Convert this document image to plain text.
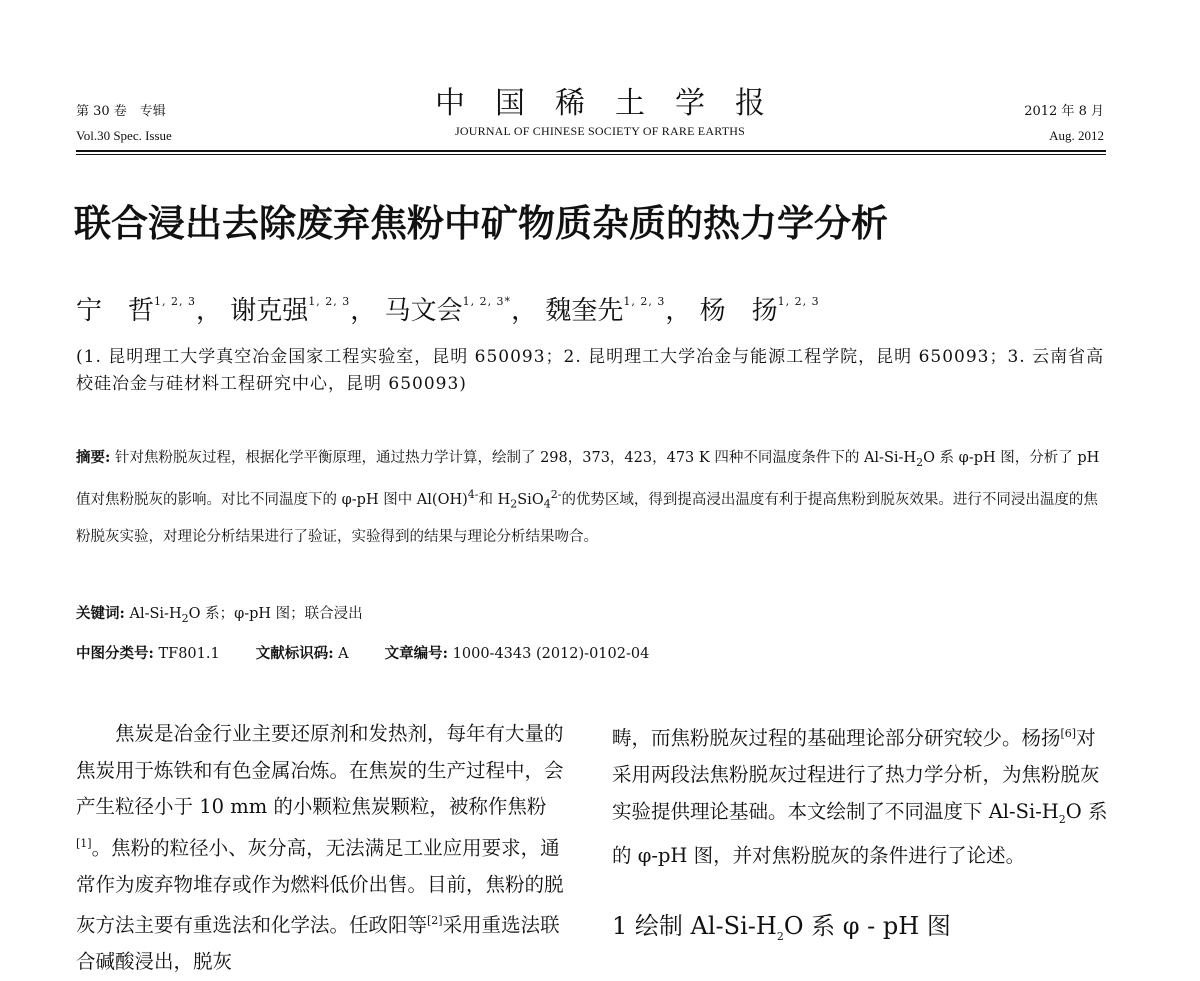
第 30 卷　专辑
Vol.30 Spec. Issue
中国稀土学报
JOURNAL OF CHINESE SOCIETY OF RARE EARTHS
2012 年 8 月
Aug. 2012
联合浸出去除废弃焦粉中矿物质杂质的热力学分析
宁　哲$^{1, 2, 3}$， 谢克强$^{1, 2, 3}$， 马文会$^{1, 2, 3*}$， 魏奎先$^{1, 2, 3}$， 杨　扬$^{1, 2, 3}$
(1. 昆明理工大学真空冶金国家工程实验室，昆明 650093；2. 昆明理工大学冶金与能源工程学院，昆明 650093；3. 云南省高校硅冶金与硅材料工程研究中心，昆明 650093)
摘要: 针对焦粉脱灰过程，根据化学平衡原理，通过热力学计算，绘制了 298，373，423，473 K 四种不同温度条件下的 $Al-Si-H_2O$ 系 φ-pH 图，分析了 pH 值对焦粉脱灰的影响。对比不同温度下的 φ-pH 图中 Al(OH)$^{4-}$和 $H_2SiO_4^{2-}$的优势区域，得到提高浸出温度有利于提高焦粉到脱灰效果。进行不同浸出温度的焦粉脱灰实验，对理论分析结果进行了验证，实验得到的结果与理论分析结果吻合。
关键词: $Al-Si-H_2O$ 系；φ-pH 图；联合浸出
中图分类号: TF801.1 文献标识码: A 文章编号: 1000-4343 (2012)-0102-04
焦炭是冶金行业主要还原剂和发热剂，每年有大量的焦炭用于炼铁和有色金属冶炼。在焦炭的生产过程中，会产生粒径小于 10 mm 的小颗粒焦炭颗粒，被称作焦粉[1]。焦粉的粒径小、灰分高，无法满足工业应用要求，通常作为废弃物堆存或作为燃料低价出售。目前，焦粉的脱灰方法主要有重选法和化学法。任政阳等[2]采用重选法联合碱酸浸出，脱灰
畴，而焦粉脱灰过程的基础理论部分研究较少。杨扬[6]对采用两段法焦粉脱灰过程进行了热力学分析，为焦粉脱灰实验提供理论基础。本文绘制了不同温度下 $Al-Si-H_2O$ 系的 φ-pH 图，并对焦粉脱灰的条件进行了论述。
1 绘制 $Al-Si-H_2O$ 系 φ - pH 图
